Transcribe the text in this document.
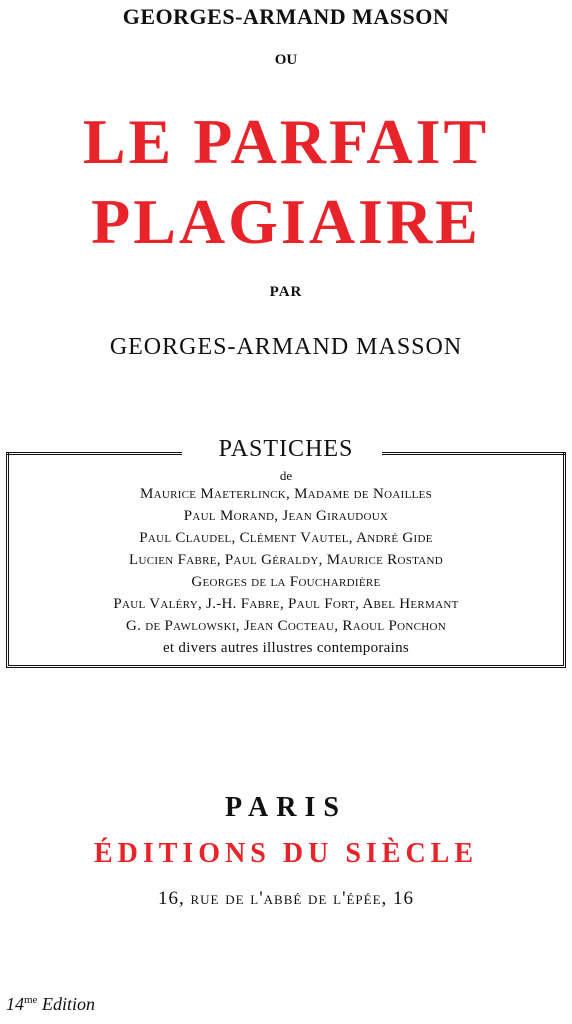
GEORGES-ARMAND MASSON
OU
LE PARFAIT
PLAGIAIRE
PAR
GEORGES-ARMAND MASSON
PASTICHES
de
Maurice Maeterlinck, Madame de Noailles
Paul Morand, Jean Giraudoux
Paul Claudel, Clément Vautel, André Gide
Lucien Fabre, Paul Géraldy, Maurice Rostand
Georges de la Fouchardière
Paul Valéry, J.-H. Fabre, Paul Fort, Abel Hermant
G. de Pawlowski, Jean Cocteau, Raoul Ponchon
et divers autres illustres contemporains
PARIS
ÉDITIONS DU SIÈCLE
16, rue de l'abbé de l'épée, 16
$14^{me}$ Edition
